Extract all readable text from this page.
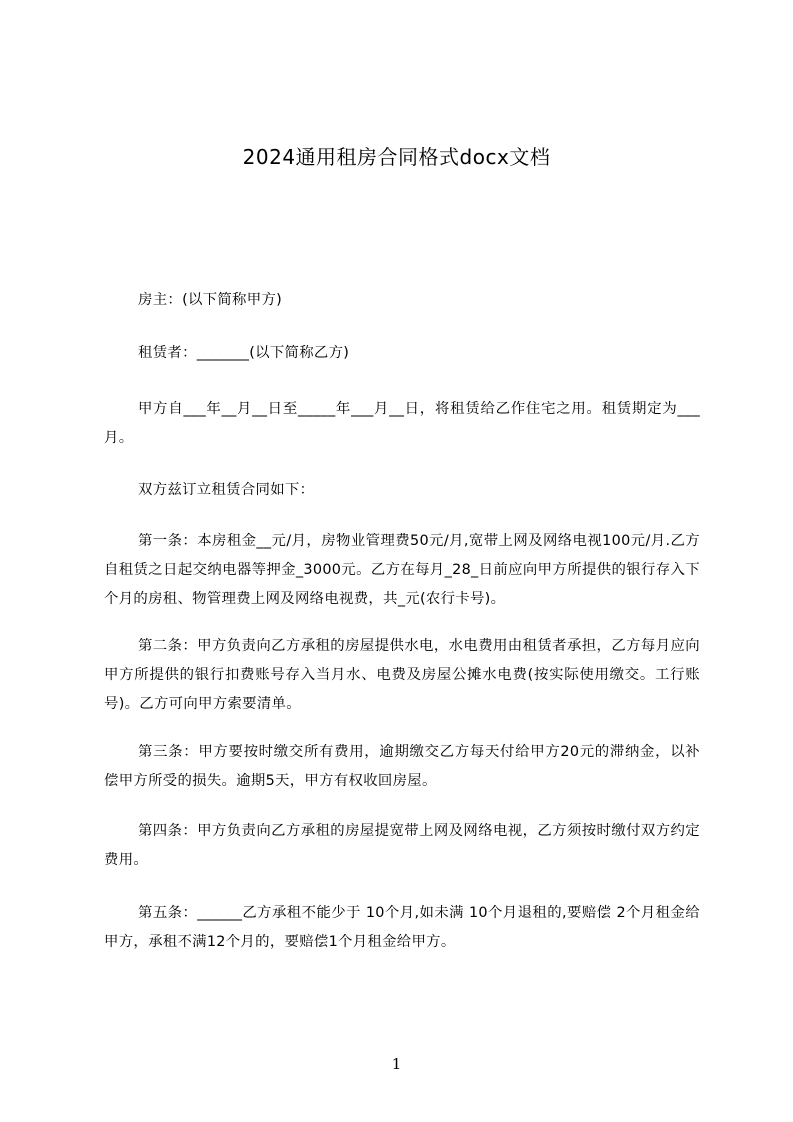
2024通用租房合同格式docx文档
房主：(以下简称甲方)
租赁者：_______(以下简称乙方)
甲方自___年__月__日至_____年___月__日，将租赁给乙作住宅之用。租赁期定为___月。
双方兹订立租赁合同如下：
第一条：本房租金__元/月，房物业管理费50元/月,宽带上网及网络电视100元/月.乙方自租赁之日起交纳电器等押金_3000元。乙方在每月_28_日前应向甲方所提供的银行存入下个月的房租、物管理费上网及网络电视费，共_元(农行卡号)。
第二条：甲方负责向乙方承租的房屋提供水电，水电费用由租赁者承担，乙方每月应向甲方所提供的银行扣费账号存入当月水、电费及房屋公摊水电费(按实际使用缴交。工行账号)。乙方可向甲方索要清单。
第三条：甲方要按时缴交所有费用，逾期缴交乙方每天付给甲方20元的滞纳金，以补偿甲方所受的损失。逾期5天，甲方有权收回房屋。
第四条：甲方负责向乙方承租的房屋提宽带上网及网络电视，乙方须按时缴付双方约定费用。
第五条：______乙方承租不能少于 10个月,如未满 10个月退租的,要赔偿 2个月租金给甲方，承租不满12个月的，要赔偿1个月租金给甲方。
1
